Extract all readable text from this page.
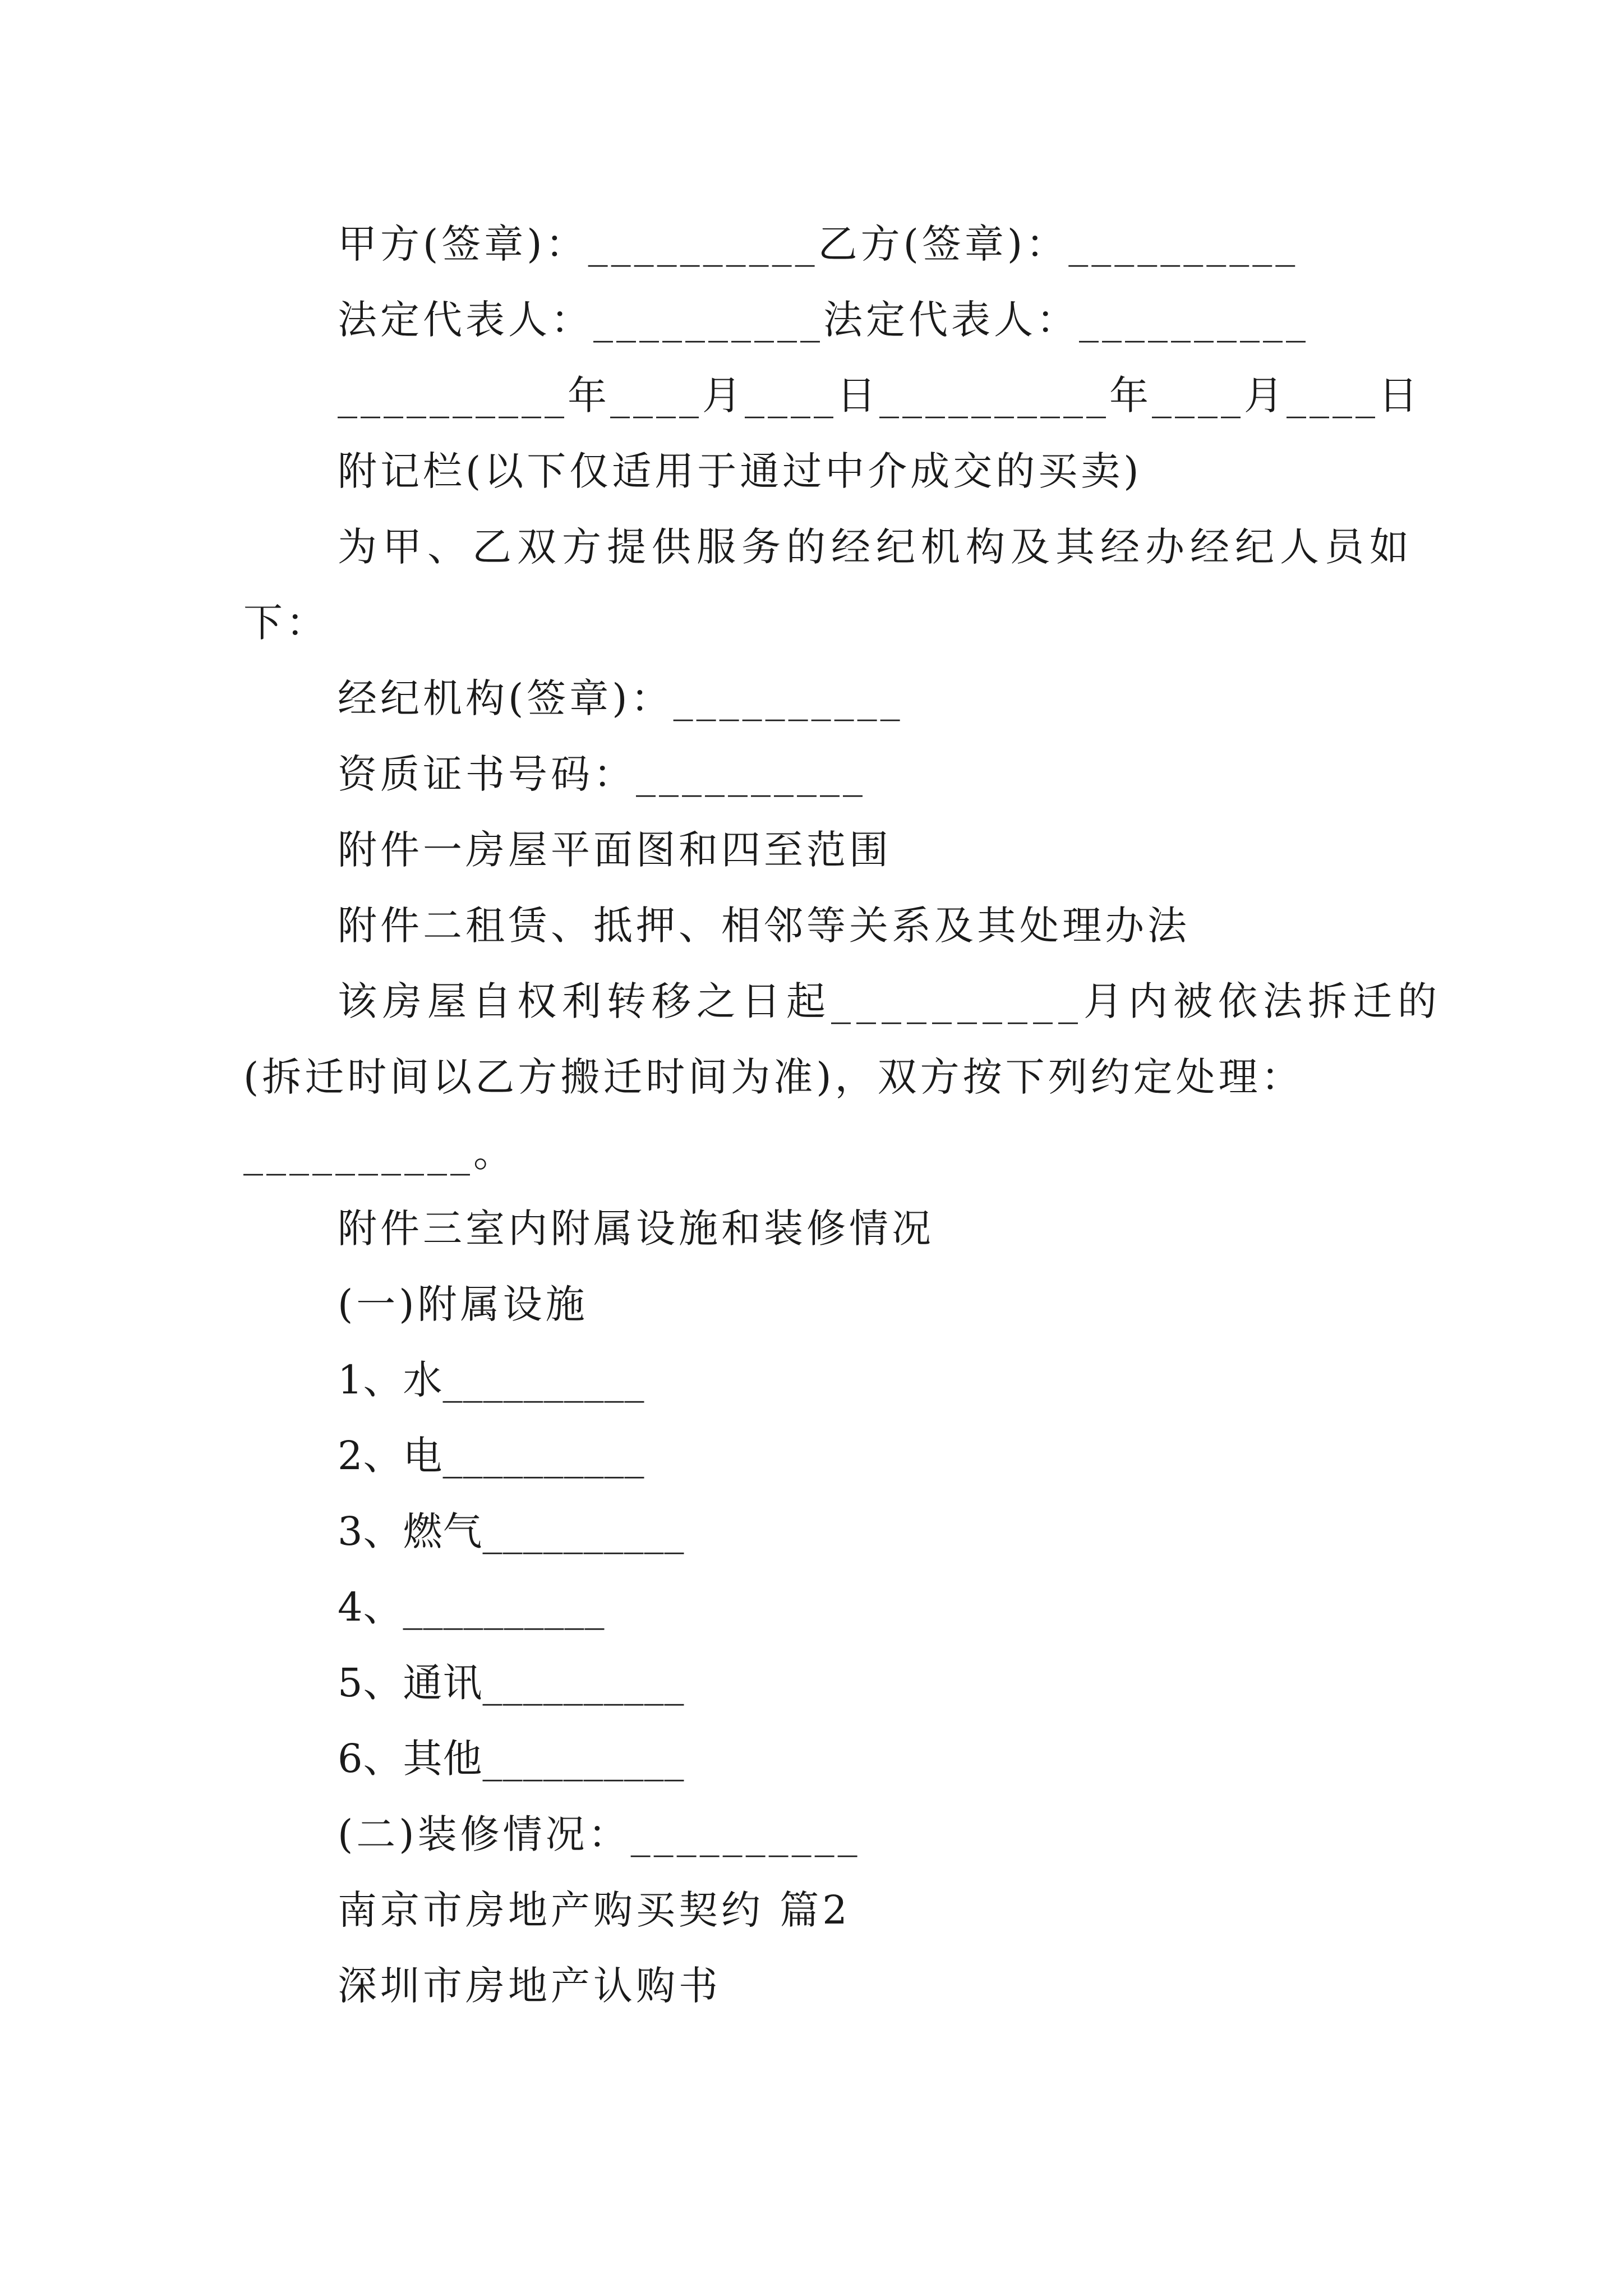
甲方(签章)：__________乙方(签章)：__________
法定代表人：__________法定代表人：__________
__________年____月____日__________年____月____日
附记栏(以下仅适用于通过中介成交的买卖)
为甲、乙双方提供服务的经纪机构及其经办经纪人员如
下：
经纪机构(签章)：__________
资质证书号码：__________
附件一房屋平面图和四至范围
附件二租赁、抵押、相邻等关系及其处理办法
该房屋自权利转移之日起__________月内被依法拆迁的
(拆迁时间以乙方搬迁时间为准)，双方按下列约定处理：
__________。
附件三室内附属设施和装修情况
(一)附属设施
1、水__________
2、电__________
3、燃气__________
4、__________
5、通讯__________
6、其他__________
(二)装修情况：__________
南京市房地产购买契约 篇2
深圳市房地产认购书
